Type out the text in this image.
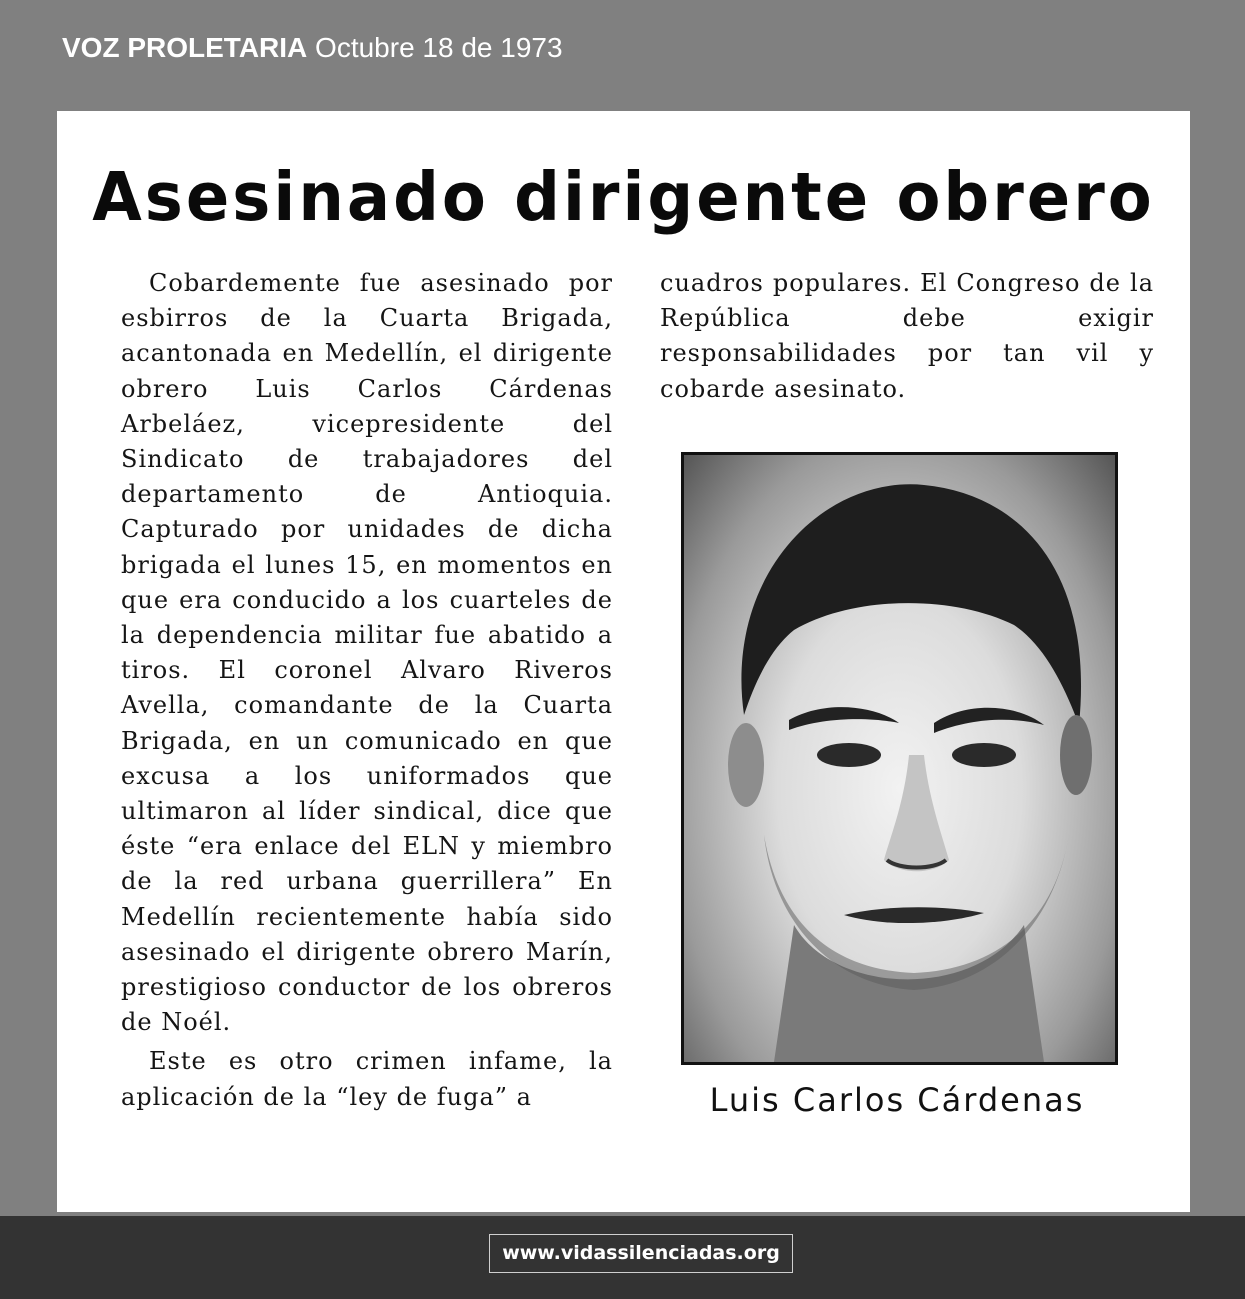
VOZ PROLETARIA Octubre 18 de 1973
Asesinado dirigente obrero

Cobardemente fue asesinado por esbirros de la Cuarta Brigada, acantonada en Medellín, el dirigente obrero Luis Carlos Cárdenas Arbeláez, vicepresidente del Sindicato de trabajadores del departamento de Antioquia. Capturado por unidades de dicha brigada el lunes 15, en momentos en que era conducido a los cuarteles de la dependencia militar fue abatido a tiros. El coronel Alvaro Riveros Avella, comandante de la Cuarta Brigada, en un comunicado en que excusa a los uniformados que ultimaron al líder sindical, dice que éste “era enlace del ELN y miembro de la red urbana guerrillera” En Medellín recientemente había sido asesinado el dirigente obrero Marín, prestigioso conductor de los obreros de Noél.

Este es otro crimen infame, la aplicación de la “ley de fuga” a

cuadros populares. El Congreso de la República debe exigir responsabilidades por tan vil y cobarde asesinato.

Luis Carlos Cárdenas
www.vidassilenciadas.org
